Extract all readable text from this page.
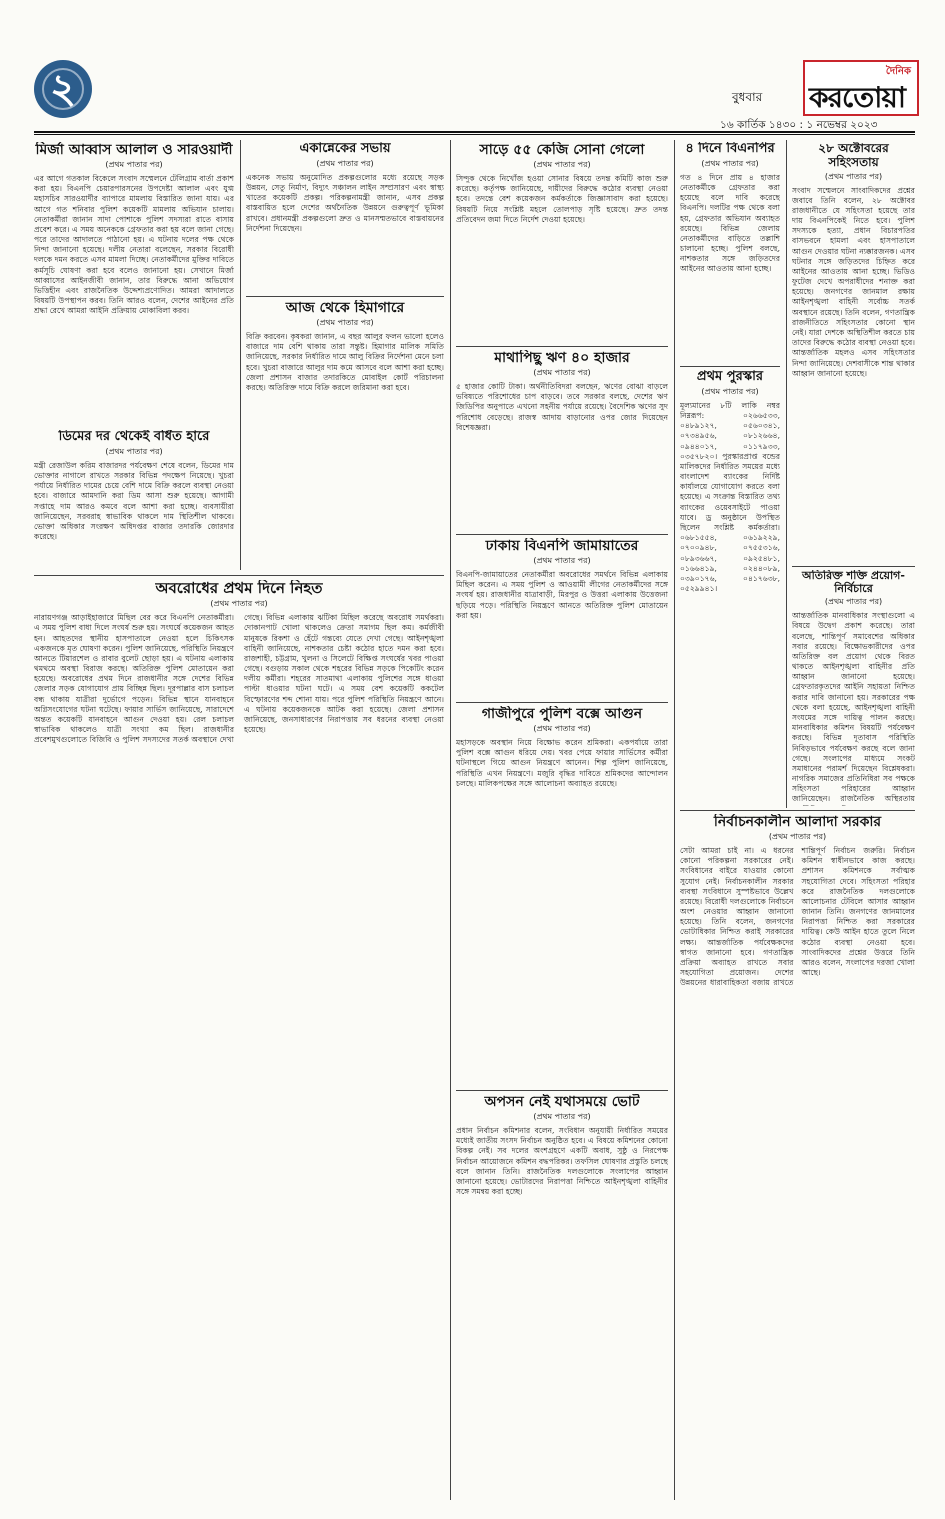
২	বুধবার
দৈনিক
করতোয়া
১৬ কার্তিক ১৪৩০ : ১ নভেম্বর ২০২৩
মির্জা আব্বাস আলাল ও সারওয়ার্দী
(প্রথম পাতার পর)

এর আগে গতকাল বিকেলে সংবাদ সম্মেলনে টেলিগ্রাম বার্তা প্রকাশ করা হয়। বিএনপি চেয়ারপারসনের উপদেষ্টা আলাল এবং যুগ্ম মহাসচিব সারওয়ার্দীর ব্যাপারে মামলায় বিস্তারিত জানা যায়। এর আগে গত শনিবার পুলিশ কয়েকটি মামলায় অভিযান চালায়। নেতাকর্মীরা জানান সাদা পোশাকে পুলিশ সদস্যরা রাতে বাসায় প্রবেশ করে। এ সময় অনেককে গ্রেফতার করা হয় বলে জানা গেছে। পরে তাদের আদালতে পাঠানো হয়। এ ঘটনায় দলের পক্ষ থেকে নিন্দা জানানো হয়েছে। দলীয় নেতারা বলেছেন, সরকার বিরোধী দলকে দমন করতে এসব মামলা দিচ্ছে। নেতাকর্মীদের মুক্তির দাবিতে কর্মসূচি ঘোষণা করা হবে বলেও জানানো হয়। সেখানে মির্জা আব্বাসের আইনজীবী জানান, তার বিরুদ্ধে আনা অভিযোগ ভিত্তিহীন এবং রাজনৈতিক উদ্দেশ্যপ্রণোদিত। আমরা আদালতে বিষয়টি উপস্থাপন করব। তিনি আরও বলেন, দেশের আইনের প্রতি শ্রদ্ধা রেখে আমরা আইনি প্রক্রিয়ায় মোকাবিলা করব।

ডিমের দর থেকেই বর্ধিত হারে
(প্রথম পাতার পর)

মন্ত্রী রেজাউল করিম বাজারদর পর্যবেক্ষণ শেষে বলেন, ডিমের দাম ভোক্তার নাগালে রাখতে সরকার বিভিন্ন পদক্ষেপ নিয়েছে। খুচরা পর্যায়ে নির্ধারিত দামের চেয়ে বেশি দামে বিক্রি করলে ব্যবস্থা নেওয়া হবে। বাজারে আমদানি করা ডিম আসা শুরু হয়েছে। আগামী সপ্তাহে দাম আরও কমবে বলে আশা করা হচ্ছে। ব্যবসায়ীরা জানিয়েছেন, সরবরাহ স্বাভাবিক থাকলে দাম স্থিতিশীল থাকবে। ভোক্তা অধিকার সংরক্ষণ অধিদপ্তর বাজার তদারকি জোরদার করেছে।

অবরোধের প্রথম দিনে নিহত
(প্রথম পাতার পর)

নারায়ণগঞ্জ আড়াইহাজারে মিছিল বের করে বিএনপি নেতাকর্মীরা। এ সময় পুলিশ বাধা দিলে সংঘর্ষ শুরু হয়। সংঘর্ষে কয়েকজন আহত হন। আহতদের স্থানীয় হাসপাতালে নেওয়া হলে চিকিৎসক একজনকে মৃত ঘোষণা করেন। পুলিশ জানিয়েছে, পরিস্থিতি নিয়ন্ত্রণে আনতে টিয়ারশেল ও রাবার বুলেট ছোড়া হয়। এ ঘটনায় এলাকায় থমথমে অবস্থা বিরাজ করছে। অতিরিক্ত পুলিশ মোতায়েন করা হয়েছে। অবরোধের প্রথম দিনে রাজধানীর সঙ্গে দেশের বিভিন্ন জেলার সড়ক যোগাযোগ প্রায় বিচ্ছিন্ন ছিল। দূরপাল্লার বাস চলাচল বন্ধ থাকায় যাত্রীরা দুর্ভোগে পড়েন। বিভিন্ন স্থানে যানবাহনে অগ্নিসংযোগের ঘটনা ঘটেছে। ফায়ার সার্ভিস জানিয়েছে, সারাদেশে অন্তত কয়েকটি যানবাহনে আগুন দেওয়া হয়। রেল চলাচল স্বাভাবিক থাকলেও যাত্রী সংখ্যা কম ছিল। রাজধানীর প্রবেশমুখগুলোতে বিজিবি ও পুলিশ সদস্যদের সতর্ক অবস্থানে দেখা গেছে। বিভিন্ন এলাকায় ঝটিকা মিছিল করেছে অবরোধ সমর্থকরা। দোকানপাট খোলা থাকলেও ক্রেতা সমাগম ছিল কম। কর্মজীবী মানুষকে রিকশা ও হেঁটে গন্তব্যে যেতে দেখা গেছে। আইনশৃঙ্খলা বাহিনী জানিয়েছে, নাশকতার চেষ্টা কঠোর হাতে দমন করা হবে। রাজশাহী, চট্টগ্রাম, খুলনা ও সিলেটে বিক্ষিপ্ত সংঘর্ষের খবর পাওয়া গেছে। বগুড়ায় সকাল থেকে শহরের বিভিন্ন সড়কে পিকেটিং করেন দলীয় কর্মীরা। শহরের সাতমাথা এলাকায় পুলিশের সঙ্গে ধাওয়া পাল্টা ধাওয়ার ঘটনা ঘটে। এ সময় বেশ কয়েকটি ককটেল বিস্ফোরণের শব্দ শোনা যায়। পরে পুলিশ পরিস্থিতি নিয়ন্ত্রণে আনে। এ ঘটনায় কয়েকজনকে আটক করা হয়েছে। জেলা প্রশাসন জানিয়েছে, জনসাধারণের নিরাপত্তায় সব ধরনের ব্যবস্থা নেওয়া হয়েছে।

একান্নেকের সভায়
(প্রথম পাতার পর)

একনেক সভায় অনুমোদিত প্রকল্পগুলোর মধ্যে রয়েছে সড়ক উন্নয়ন, সেতু নির্মাণ, বিদ্যুৎ সঞ্চালন লাইন সম্প্রসারণ এবং স্বাস্থ্য খাতের কয়েকটি প্রকল্প। পরিকল্পনামন্ত্রী জানান, এসব প্রকল্প বাস্তবায়িত হলে দেশের অর্থনৈতিক উন্নয়নে গুরুত্বপূর্ণ ভূমিকা রাখবে। প্রধানমন্ত্রী প্রকল্পগুলো দ্রুত ও মানসম্মতভাবে বাস্তবায়নের নির্দেশনা দিয়েছেন।

আজ থেকে হিমাগারে
(প্রথম পাতার পর)

বিক্রি করবেন। কৃষকরা জানান, এ বছর আলুর ফলন ভালো হলেও বাজারে দাম বেশি থাকায় তারা সন্তুষ্ট। হিমাগার মালিক সমিতি জানিয়েছে, সরকার নির্ধারিত দামে আলু বিক্রির নির্দেশনা মেনে চলা হবে। খুচরা বাজারে আলুর দাম কমে আসবে বলে আশা করা হচ্ছে। জেলা প্রশাসন বাজার তদারকিতে মোবাইল কোর্ট পরিচালনা করছে। অতিরিক্ত দামে বিক্রি করলে জরিমানা করা হবে।

সাড়ে ৫৫ কেজি সোনা গেলো
(প্রথম পাতার পর)

সিন্দুক থেকে নিখোঁজ হওয়া সোনার বিষয়ে তদন্ত কমিটি কাজ শুরু করেছে। কর্তৃপক্ষ জানিয়েছে, দায়ীদের বিরুদ্ধে কঠোর ব্যবস্থা নেওয়া হবে। তদন্তে বেশ কয়েকজন কর্মকর্তাকে জিজ্ঞাসাবাদ করা হয়েছে। বিষয়টি নিয়ে সংশ্লিষ্ট মহলে তোলপাড় সৃষ্টি হয়েছে। দ্রুত তদন্ত প্রতিবেদন জমা দিতে নির্দেশ দেওয়া হয়েছে।

মাথাপিছু ঋণ ৪০ হাজার
(প্রথম পাতার পর)

৫ হাজার কোটি টাকা। অর্থনীতিবিদরা বলছেন, ঋণের বোঝা বাড়লে ভবিষ্যতে পরিশোধের চাপ বাড়বে। তবে সরকার বলছে, দেশের ঋণ জিডিপির অনুপাতে এখনো সহনীয় পর্যায়ে রয়েছে। বৈদেশিক ঋণের সুদ পরিশোধ বেড়েছে। রাজস্ব আদায় বাড়ানোর ওপর জোর দিয়েছেন বিশেষজ্ঞরা।

ঢাকায় বিএনপি জামায়াতের
(প্রথম পাতার পর)

বিএনপি-জামায়াতের নেতাকর্মীরা অবরোধের সমর্থনে বিভিন্ন এলাকায় মিছিল করেন। এ সময় পুলিশ ও আওয়ামী লীগের নেতাকর্মীদের সঙ্গে সংঘর্ষ হয়। রাজধানীর যাত্রাবাড়ী, মিরপুর ও উত্তরা এলাকায় উত্তেজনা ছড়িয়ে পড়ে। পরিস্থিতি নিয়ন্ত্রণে আনতে অতিরিক্ত পুলিশ মোতায়েন করা হয়।

গাজীপুরে পুলিশ বক্সে আগুন
(প্রথম পাতার পর)

মহাসড়কে অবস্থান নিয়ে বিক্ষোভ করেন শ্রমিকরা। একপর্যায়ে তারা পুলিশ বক্সে আগুন ধরিয়ে দেয়। খবর পেয়ে ফায়ার সার্ভিসের কর্মীরা ঘটনাস্থলে গিয়ে আগুন নিয়ন্ত্রণে আনেন। শিল্প পুলিশ জানিয়েছে, পরিস্থিতি এখন নিয়ন্ত্রণে। মজুরি বৃদ্ধির দাবিতে শ্রমিকদের আন্দোলন চলছে। মালিকপক্ষের সঙ্গে আলোচনা অব্যাহত রয়েছে।

অপসন নেই যথাসময়ে ভোট
(প্রথম পাতার পর)

প্রধান নির্বাচন কমিশনার বলেন, সংবিধান অনুযায়ী নির্ধারিত সময়ের মধ্যেই জাতীয় সংসদ নির্বাচন অনুষ্ঠিত হবে। এ বিষয়ে কমিশনের কোনো বিকল্প নেই। সব দলের অংশগ্রহণে একটি অবাধ, সুষ্ঠু ও নিরপেক্ষ নির্বাচন আয়োজনে কমিশন বদ্ধপরিকর। তফসিল ঘোষণার প্রস্তুতি চলছে বলে জানান তিনি। রাজনৈতিক দলগুলোকে সংলাপের আহ্বান জানানো হয়েছে। ভোটারদের নিরাপত্তা নিশ্চিতে আইনশৃঙ্খলা বাহিনীর সঙ্গে সমন্বয় করা হচ্ছে।

৪ দিনে বিএনপির
(প্রথম পাতার পর)

গত ৪ দিনে প্রায় ৪ হাজার নেতাকর্মীকে গ্রেফতার করা হয়েছে বলে দাবি করেছে বিএনপি। দলটির পক্ষ থেকে বলা হয়, গ্রেফতার অভিযান অব্যাহত রয়েছে। বিভিন্ন জেলায় নেতাকর্মীদের বাড়িতে তল্লাশি চালানো হচ্ছে। পুলিশ বলছে, নাশকতার সঙ্গে জড়িতদের আইনের আওতায় আনা হচ্ছে।

প্রথম পুরস্কার
(প্রথম পাতার পর)

মূল্যমানের ৮টি লাকি নম্বর নিম্নরূপ: ০২৬৬৫৩৩, ০৪৮৯১২৭, ০৫৬০৩৪১, ০৭৩৪৯৫৬, ০৮১২৬৬৪, ০৯৪৪০১৭, ০১১৭৯৩৩, ০৩৫৭৮২০। পুরস্কারপ্রাপ্ত বন্ডের মালিকদের নির্ধারিত সময়ের মধ্যে বাংলাদেশ ব্যাংকের নির্দিষ্ট কার্যালয়ে যোগাযোগ করতে বলা হয়েছে। এ সংক্রান্ত বিস্তারিত তথ্য ব্যাংকের ওয়েবসাইটে পাওয়া যাবে। ড্র অনুষ্ঠানে উপস্থিত ছিলেন সংশ্লিষ্ট কর্মকর্তারা। ০৬৮১৫৫৪, ০৬১৯২২৯, ০৭০০৯৪৮, ০৭৫৫৩১৬, ০৮৯৩৬৬৭, ০৯২৫৪৮১, ০১৬৬৪১৯, ০২৪৪০৮৯, ০৩৯০১৭৬, ০৪১৭৬৩৮, ০৫২৯৯৪১।

নির্বাচনকালীন আলাদা সরকার
(প্রথম পাতার পর)

সেটা আমরা চাই না। এ ধরনের কোনো পরিকল্পনা সরকারের নেই। সংবিধানের বাইরে যাওয়ার কোনো সুযোগ নেই। নির্বাচনকালীন সরকার ব্যবস্থা সংবিধানে সুস্পষ্টভাবে উল্লেখ রয়েছে। বিরোধী দলগুলোকে নির্বাচনে অংশ নেওয়ার আহ্বান জানানো হয়েছে। তিনি বলেন, জনগণের ভোটাধিকার নিশ্চিত করাই সরকারের লক্ষ্য। আন্তর্জাতিক পর্যবেক্ষকদের স্বাগত জানানো হবে। গণতান্ত্রিক প্রক্রিয়া অব্যাহত রাখতে সবার সহযোগিতা প্রয়োজন। দেশের উন্নয়নের ধারাবাহিকতা বজায় রাখতে শান্তিপূর্ণ নির্বাচন জরুরি। নির্বাচন কমিশন স্বাধীনভাবে কাজ করছে। প্রশাসন কমিশনকে সর্বাত্মক সহযোগিতা দেবে। সহিংসতা পরিহার করে রাজনৈতিক দলগুলোকে আলোচনার টেবিলে আসার আহ্বান জানান তিনি। জনগণের জানমালের নিরাপত্তা নিশ্চিত করা সরকারের দায়িত্ব। কেউ আইন হাতে তুলে নিলে কঠোর ব্যবস্থা নেওয়া হবে। সাংবাদিকদের প্রশ্নের উত্তরে তিনি আরও বলেন, সংলাপের দরজা খোলা আছে।

২৮ অক্টোবরের সহিংসতায়
(প্রথম পাতার পর)

সংবাদ সম্মেলনে সাংবাদিকদের প্রশ্নের জবাবে তিনি বলেন, ২৮ অক্টোবর রাজধানীতে যে সহিংসতা হয়েছে তার দায় বিএনপিকেই নিতে হবে। পুলিশ সদস্যকে হত্যা, প্রধান বিচারপতির বাসভবনে হামলা এবং হাসপাতালে আগুন দেওয়ার ঘটনা ন্যক্কারজনক। এসব ঘটনার সঙ্গে জড়িতদের চিহ্নিত করে আইনের আওতায় আনা হচ্ছে। ভিডিও ফুটেজ দেখে অপরাধীদের শনাক্ত করা হয়েছে। জনগণের জানমাল রক্ষায় আইনশৃঙ্খলা বাহিনী সর্বোচ্চ সতর্ক অবস্থানে রয়েছে। তিনি বলেন, গণতান্ত্রিক রাজনীতিতে সহিংসতার কোনো স্থান নেই। যারা দেশকে অস্থিতিশীল করতে চায় তাদের বিরুদ্ধে কঠোর ব্যবস্থা নেওয়া হবে। আন্তর্জাতিক মহলও এসব সহিংসতার নিন্দা জানিয়েছে। দেশবাসীকে শান্ত থাকার আহ্বান জানানো হয়েছে।

অতিরিক্ত শক্তি প্রয়োগ-নির্বিচারে
(প্রথম পাতার পর)

আন্তর্জাতিক মানবাধিকার সংস্থাগুলো এ বিষয়ে উদ্বেগ প্রকাশ করেছে। তারা বলেছে, শান্তিপূর্ণ সমাবেশের অধিকার সবার রয়েছে। বিক্ষোভকারীদের ওপর অতিরিক্ত বল প্রয়োগ থেকে বিরত থাকতে আইনশৃঙ্খলা বাহিনীর প্রতি আহ্বান জানানো হয়েছে। গ্রেফতারকৃতদের আইনি সহায়তা নিশ্চিত করার দাবি জানানো হয়। সরকারের পক্ষ থেকে বলা হয়েছে, আইনশৃঙ্খলা বাহিনী সংযমের সঙ্গে দায়িত্ব পালন করছে। মানবাধিকার কমিশন বিষয়টি পর্যবেক্ষণ করছে। বিভিন্ন দূতাবাস পরিস্থিতি নিবিড়ভাবে পর্যবেক্ষণ করছে বলে জানা গেছে। সংলাপের মাধ্যমে সংকট সমাধানের পরামর্শ দিয়েছেন বিশ্লেষকরা। নাগরিক সমাজের প্রতিনিধিরা সব পক্ষকে সহিংসতা পরিহারের আহ্বান জানিয়েছেন। রাজনৈতিক অস্থিরতায়
